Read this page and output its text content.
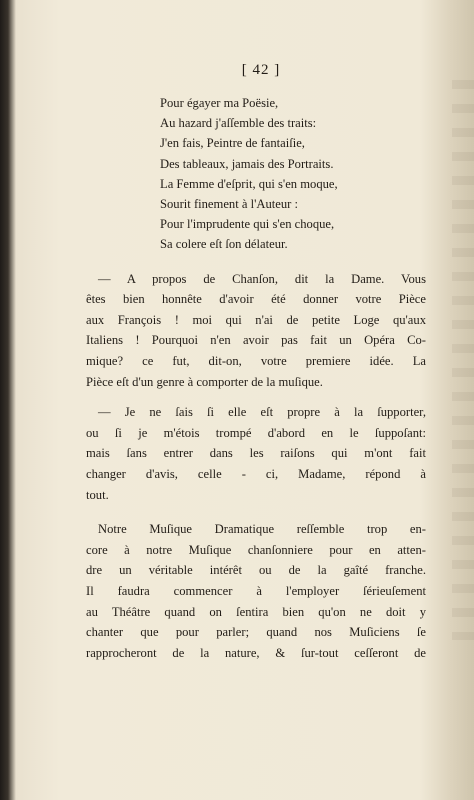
[ 42 ]
Pour égayer ma Poësie,
Au hazard j'aſſemble des traits:
J'en fais, Peintre de fantaiſie,
Des tableaux, jamais des Portraits.
La Femme d'eſprit, qui s'en moque,
Sourit finement à l'Auteur :
Pour l'imprudente qui s'en choque,
Sa colere eſt ſon délateur.

— A propos de Chanſon, dit la Dame. Vous
êtes bien honnête d'avoir été donner votre Pièce
aux François ! moi qui n'ai de petite Loge qu'aux
Italiens ! Pourquoi n'en avoir pas fait un Opéra Co-
mique? ce fut, dit-on, votre premiere idée. La
Pièce eſt d'un genre à comporter de la muſique.

— Je ne ſais ſi elle eſt propre à la ſupporter,
ou ſi je m'étois trompé d'abord en le ſuppoſant:
mais ſans entrer dans les raiſons qui m'ont fait
changer d'avis, celle - ci, Madame, répond à
tout.

Notre Muſique Dramatique reſſemble trop en-
core à notre Muſique chanſonniere pour en atten-
dre un véritable intérêt ou de la gaîté franche.
Il faudra commencer à l'employer ſérieuſement
au Théâtre quand on ſentira bien qu'on ne doit y
chanter que pour parler; quand nos Muſiciens ſe
rapprocheront de la nature, & ſur-tout ceſſeront de
